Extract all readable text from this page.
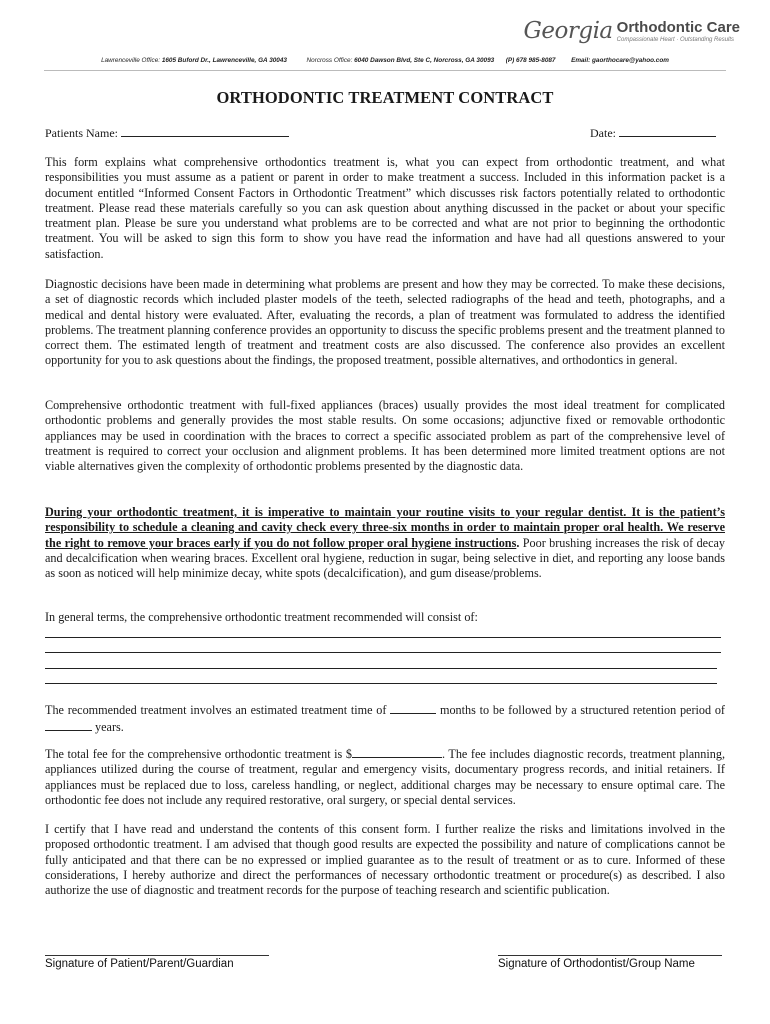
Georgia Orthodontic Care
Compassionate Heart · Outstanding Results
Lawrenceville Office: 1605 Buford Dr., Lawrenceville, GA 30043	Norcross Office: 6040 Dawson Blvd, Ste C, Norcross, GA 30093 (P) 678 985-8087 Email: gaorthocare@yahoo.com
ORTHODONTIC TREATMENT CONTRACT
Patients Name:	Date:

This form explains what comprehensive orthodontics treatment is, what you can expect from orthodontic treatment, and what responsibilities you must assume as a patient or parent in order to make treatment a success. Included in this information packet is a document entitled “Informed Consent Factors in Orthodontic Treatment” which discusses risk factors potentially related to orthodontic treatment. Please read these materials carefully so you can ask question about anything discussed in the packet or about your specific treatment plan. Please be sure you understand what problems are to be corrected and what are not prior to beginning the orthodontic treatment. You will be asked to sign this form to show you have read the information and have had all questions answered to your satisfaction.

Diagnostic decisions have been made in determining what problems are present and how they may be corrected. To make these decisions, a set of diagnostic records which included plaster models of the teeth, selected radiographs of the head and teeth, photographs, and a medical and dental history were evaluated. After, evaluating the records, a plan of treatment was formulated to address the identified problems. The treatment planning conference provides an opportunity to discuss the specific problems present and the treatment planned to correct them. The estimated length of treatment and treatment costs are also discussed. The conference also provides an excellent opportunity for you to ask questions about the findings, the proposed treatment, possible alternatives, and orthodontics in general.

Comprehensive orthodontic treatment with full-fixed appliances (braces) usually provides the most ideal treatment for complicated orthodontic problems and generally provides the most stable results. On some occasions; adjunctive fixed or removable orthodontic appliances may be used in coordination with the braces to correct a specific associated problem as part of the comprehensive level of treatment is required to correct your occlusion and alignment problems. It has been determined more limited treatment options are not viable alternatives given the complexity of orthodontic problems presented by the diagnostic data.

During your orthodontic treatment, it is imperative to maintain your routine visits to your regular dentist. It is the patient’s responsibility to schedule a cleaning and cavity check every three-six months in order to maintain proper oral health. We reserve the right to remove your braces early if you do not follow proper oral hygiene instructions. Poor brushing increases the risk of decay and decalcification when wearing braces. Excellent oral hygiene, reduction in sugar, being selective in diet, and reporting any loose bands as soon as noticed will help minimize decay, white spots (decalcification), and gum disease/problems.

In general terms, the comprehensive orthodontic treatment recommended will consist of:

The recommended treatment involves an estimated treatment time of	months to be followed by a structured retention period of  years.

The total fee for the comprehensive orthodontic treatment is $	. The fee includes diagnostic records, treatment planning, appliances utilized during the course of treatment, regular and emergency visits, documentary progress records, and initial retainers. If appliances must be replaced due to loss, careless handling, or neglect, additional charges may be necessary to ensure optimal care. The orthodontic fee does not include any required restorative, oral surgery, or special dental services.

I certify that I have read and understand the contents of this consent form. I further realize the risks and limitations involved in the proposed orthodontic treatment. I am advised that though good results are expected the possibility and nature of complications cannot be fully anticipated and that there can be no expressed or implied guarantee as to the result of treatment or as to cure. Informed of these considerations, I hereby authorize and direct the performances of necessary orthodontic treatment or procedure(s) as described. I also authorize the use of diagnostic and treatment records for the purpose of teaching research and scientific publication.

Signature of Patient/Parent/Guardian	Signature of Orthodontist/Group Name
